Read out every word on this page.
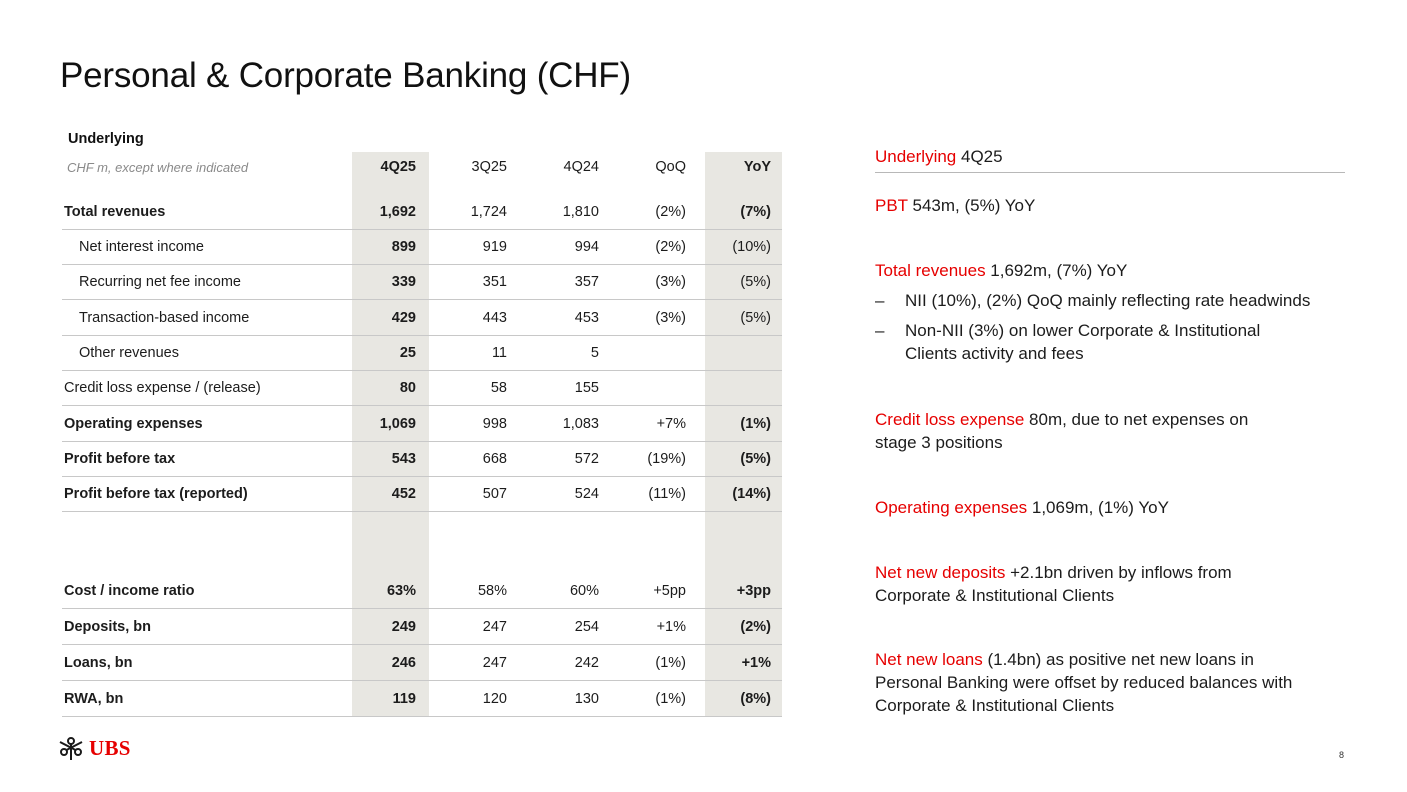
Personal & Corporate Banking (CHF)
Underlying
CHF m, except where indicated	4Q25	3Q25	4Q24	QoQ	YoY
Total revenues	1,692	1,724	1,810	(2%)	(7%)
Net interest income	899	919	994	(2%)	(10%)
Recurring net fee income	339	351	357	(3%)	(5%)
Transaction-based income	429	443	453	(3%)	(5%)
Other revenues	25	11	5
Credit loss expense / (release)	80	58	155
Operating expenses	1,069	998	1,083	+7%	(1%)
Profit before tax	543	668	572	(19%)	(5%)
Profit before tax (reported)	452	507	524	(11%)	(14%)
Cost / income ratio	63%	58%	60%	+5pp	+3pp
Deposits, bn	249	247	254	+1%	(2%)
Loans, bn	246	247	242	(1%)	+1%
RWA, bn	119	120	130	(1%)	(8%)
Underlying 4Q25
PBT 543m, (5%) YoY
Total revenues 1,692m, (7%) YoY
–	NII (10%), (2%) QoQ mainly reflecting rate headwinds
–	Non-NII (3%) on lower Corporate & Institutional Clients activity and fees
Credit loss expense 80m, due to net expenses on stage 3 positions
Operating expenses 1,069m, (1%) YoY
Net new deposits +2.1bn driven by inflows from Corporate & Institutional Clients
Net new loans (1.4bn) as positive net new loans in Personal Banking were offset by reduced balances with Corporate & Institutional Clients
UBS	8
